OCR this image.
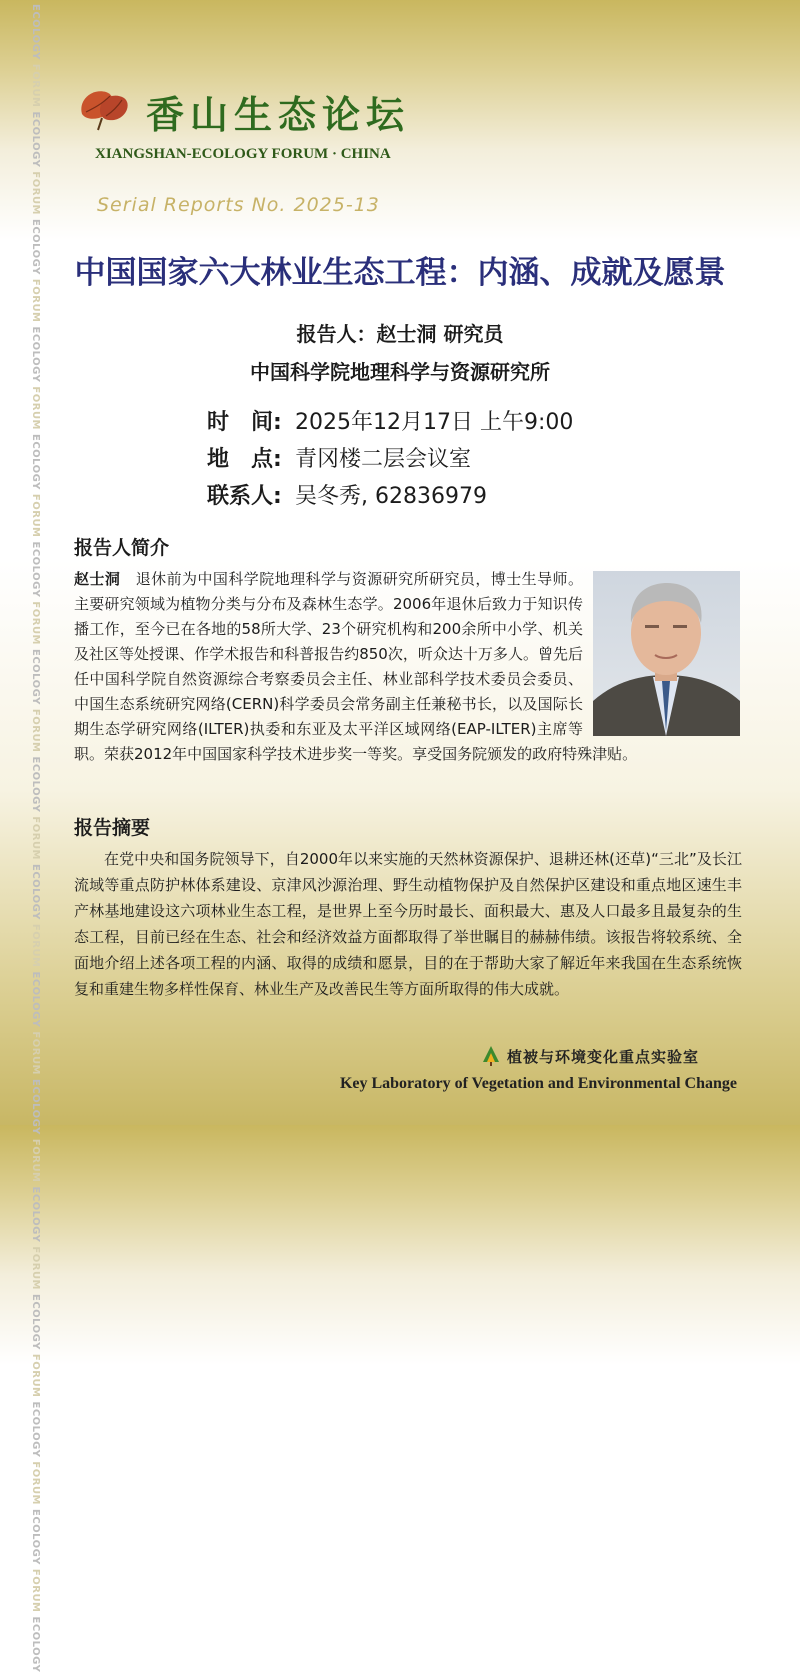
ECOLOGY FORUM ECOLOGY FORUM ECOLOGY FORUM ECOLOGY FORUM ECOLOGY FORUM ECOLOGY FORUM ECOLOGY FORUM ECOLOGY FORUM ECOLOGY FORUM ECOLOGY FORUM ECOLOGY FORUM ECOLOGY FORUM ECOLOGY FORUM ECOLOGY FORUM ECOLOGY FORUM ECOLOGY
香山生态论坛
XIANGSHAN-ECOLOGY FORUM · CHINA
Serial Reports No. 2025-13
中国国家六大林业生态工程：内涵、成就及愿景
报告人：赵士洞 研究员
中国科学院地理科学与资源研究所
时　间: 2025年12月17日 上午9:00
地　点: 青冈楼二层会议室
联系人: 吴冬秀, 62836979
报告人简介
赵士洞　 退休前为中国科学院地理科学与资源研究所研究员，博士生导师。主要研究领域为植物分类与分布及森林生态学。2006年退休后致力于知识传播工作，至今已在各地的58所大学、23个研究机构和200余所中小学、机关及社区等处授课、作学术报告和科普报告约850次，听众达十万多人。曾先后任中国科学院自然资源综合考察委员会主任、林业部科学技术委员会委员、中国生态系统研究网络(CERN)科学委员会常务副主任兼秘书长，以及国际长期生态学研究网络(ILTER)执委和东亚及太平洋区域网络(EAP-ILTER)主席等职。荣获2012年中国国家科学技术进步奖一等奖。享受国务院颁发的政府特殊津贴。
报告摘要
在党中央和国务院领导下，自2000年以来实施的天然林资源保护、退耕还林(还草)“三北”及长江流域等重点防护林体系建设、京津风沙源治理、野生动植物保护及自然保护区建设和重点地区速生丰产林基地建设这六项林业生态工程，是世界上至今历时最长、面积最大、惠及人口最多且最复杂的生态工程，目前已经在生态、社会和经济效益方面都取得了举世瞩目的赫赫伟绩。该报告将较系统、全面地介绍上述各项工程的内涵、取得的成绩和愿景，目的在于帮助大家了解近年来我国在生态系统恢复和重建生物多样性保育、林业生产及改善民生等方面所取得的伟大成就。
植被与环境变化重点实验室
Key Laboratory of Vegetation and Environmental Change
